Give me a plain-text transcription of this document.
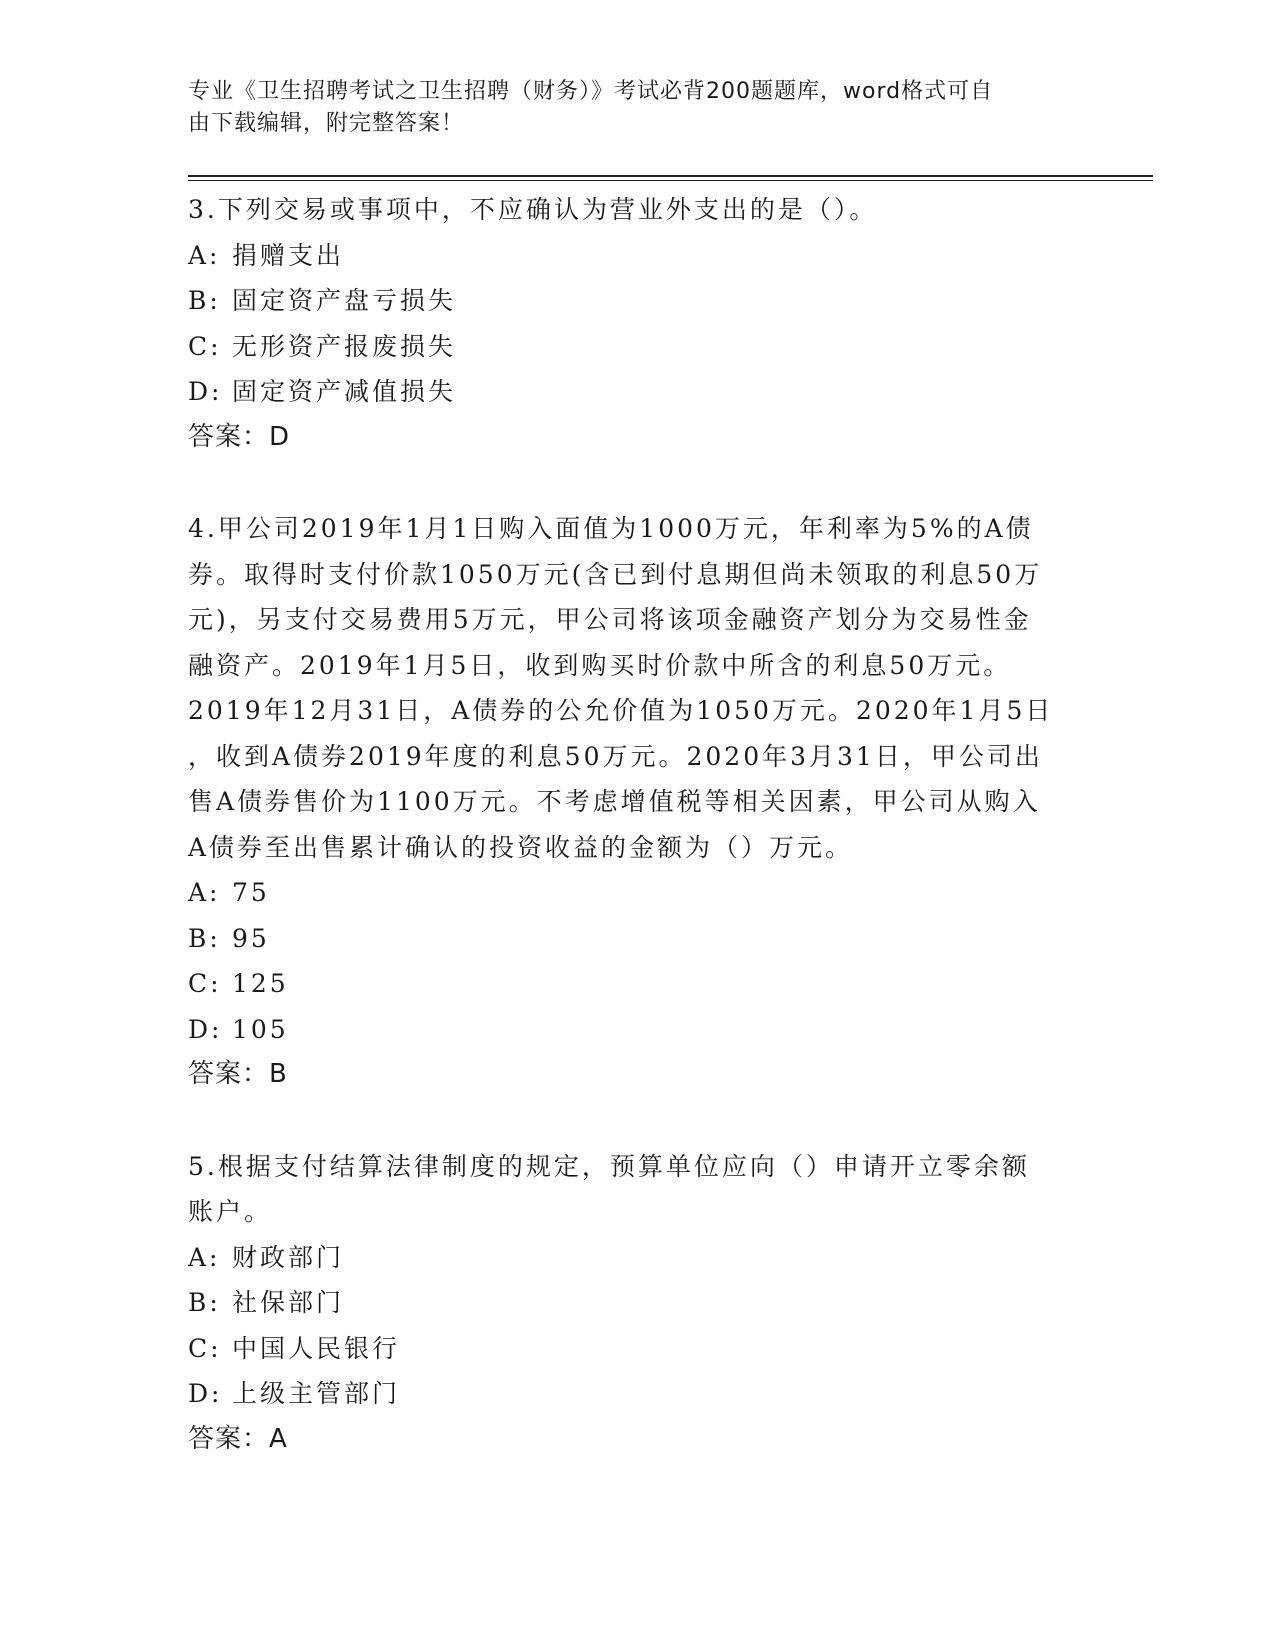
专业《卫生招聘考试之卫生招聘（财务）》考试必背200题题库，word格式可自
由下载编辑，附完整答案！
3.下列交易或事项中，不应确认为营业外支出的是（）。
A: 捐赠支出
B: 固定资产盘亏损失
C: 无形资产报废损失
D: 固定资产减值损失
答案：D
4.甲公司2019年1月1日购入面值为1000万元，年利率为5%的A债
券。取得时支付价款1050万元(含已到付息期但尚未领取的利息50万
元)，另支付交易费用5万元，甲公司将该项金融资产划分为交易性金
融资产。2019年1月5日，收到购买时价款中所含的利息50万元。
2019年12月31日，A债券的公允价值为1050万元。2020年1月5日
，收到A债券2019年度的利息50万元。2020年3月31日，甲公司出
售A债券售价为1100万元。不考虑增值税等相关因素，甲公司从购入
A债券至出售累计确认的投资收益的金额为（）万元。
A: 75
B: 95
C: 125
D: 105
答案：B
5.根据支付结算法律制度的规定，预算单位应向（）申请开立零余额
账户。
A: 财政部门
B: 社保部门
C: 中国人民银行
D: 上级主管部门
答案：A
